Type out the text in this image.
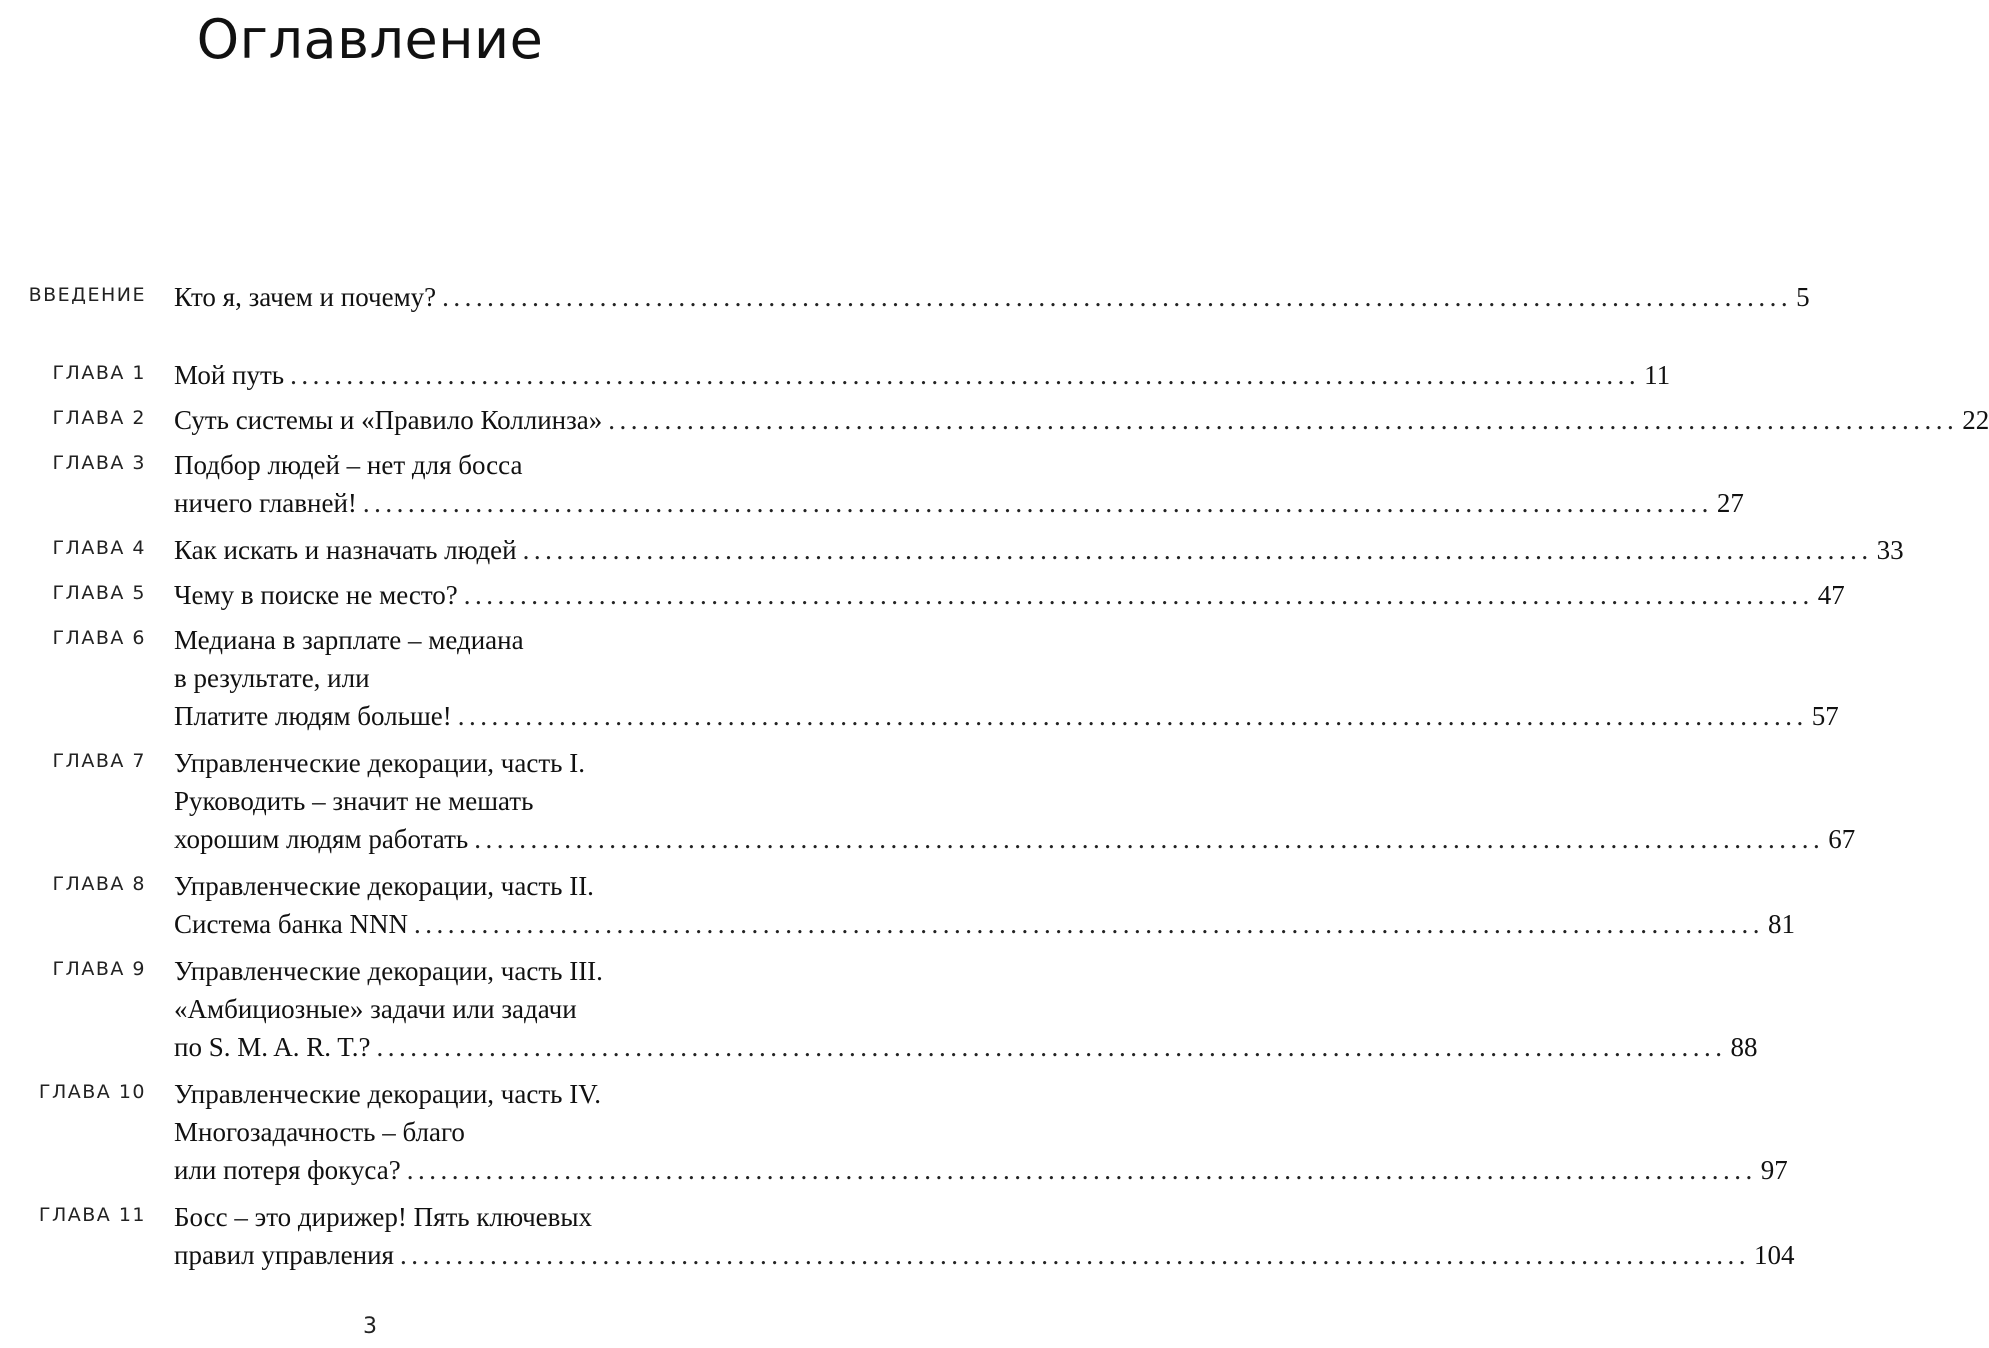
Оглавление
ВВЕДЕНИЕ Кто я, зачем и почему? ........................................................................................................................ 5
ГЛАВА 1 Мой путь ........................................................................................................................ 11
ГЛАВА 2 Суть системы и «Правило Коллинза» ........................................................................................................................ 22
ГЛАВА 3 Подбор людей – нет для босса
ничего главней! ........................................................................................................................ 27
ГЛАВА 4 Как искать и назначать людей ........................................................................................................................ 33
ГЛАВА 5 Чему в поиске не место? ........................................................................................................................ 47
ГЛАВА 6 Медиана в зарплате – медиана
в результате, или
Платите людям больше! ........................................................................................................................ 57
ГЛАВА 7 Управленческие декорации, часть I.
Руководить – значит не мешать
хорошим людям работать ........................................................................................................................ 67
ГЛАВА 8 Управленческие декорации, часть II.
Система банка NNN ........................................................................................................................ 81
ГЛАВА 9 Управленческие декорации, часть III.
«Амбициозные» задачи или задачи
по S. M. A. R. T.? ........................................................................................................................ 88
ГЛАВА 10 Управленческие декорации, часть IV.
Многозадачность – благо
или потеря фокуса? ........................................................................................................................ 97
ГЛАВА 11 Босс – это дирижер! Пять ключевых
правил управления ........................................................................................................................ 104
3
